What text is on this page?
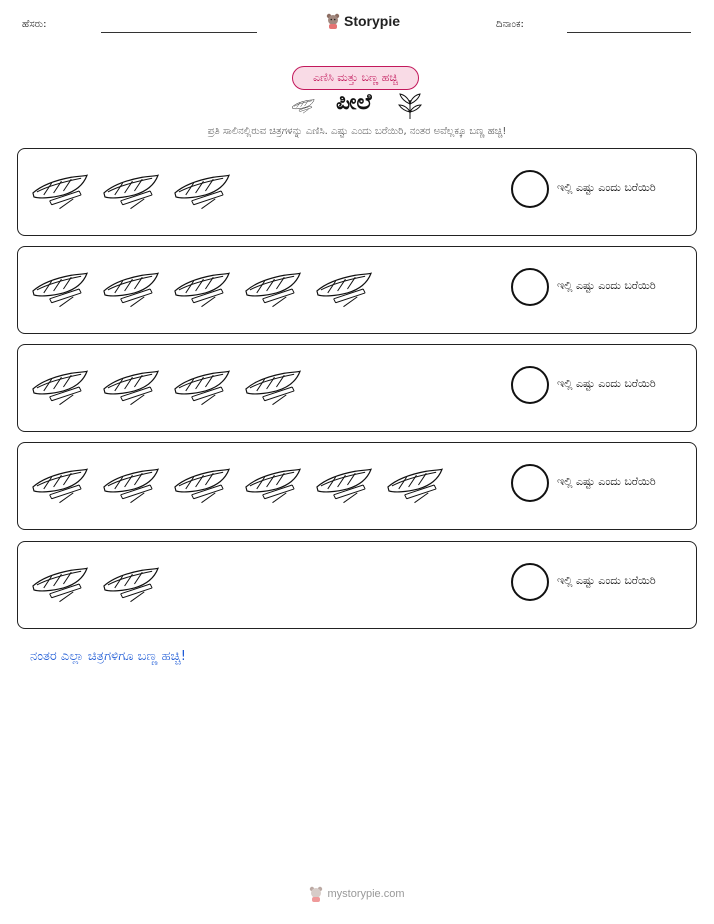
ಹೆಸರು:	Storypie	ದಿನಾಂಕ:
ಎಣಿಸಿ ಮತ್ತು ಬಣ್ಣ ಹಚ್ಚಿ
ಪೀಲೆ
ಪ್ರತಿ ಸಾಲಿನಲ್ಲಿರುವ ಚಿತ್ರಗಳನ್ನು ಎಣಿಸಿ. ಎಷ್ಟು ಎಂದು ಬರೆಯಿರಿ, ನಂತರ ಅವೆಲ್ಲಕ್ಕೂ ಬಣ್ಣ ಹಚ್ಚಿ!
ಇಲ್ಲಿ ಎಷ್ಟು ಎಂದು ಬರೆಯಿರಿ
ಇಲ್ಲಿ ಎಷ್ಟು ಎಂದು ಬರೆಯಿರಿ
ಇಲ್ಲಿ ಎಷ್ಟು ಎಂದು ಬರೆಯಿರಿ
ಇಲ್ಲಿ ಎಷ್ಟು ಎಂದು ಬರೆಯಿರಿ
ಇಲ್ಲಿ ಎಷ್ಟು ಎಂದು ಬರೆಯಿರಿ
ನಂತರ ಎಲ್ಲಾ ಚಿತ್ರಗಳಿಗೂ ಬಣ್ಣ ಹಚ್ಚಿ!
mystorypie.com
